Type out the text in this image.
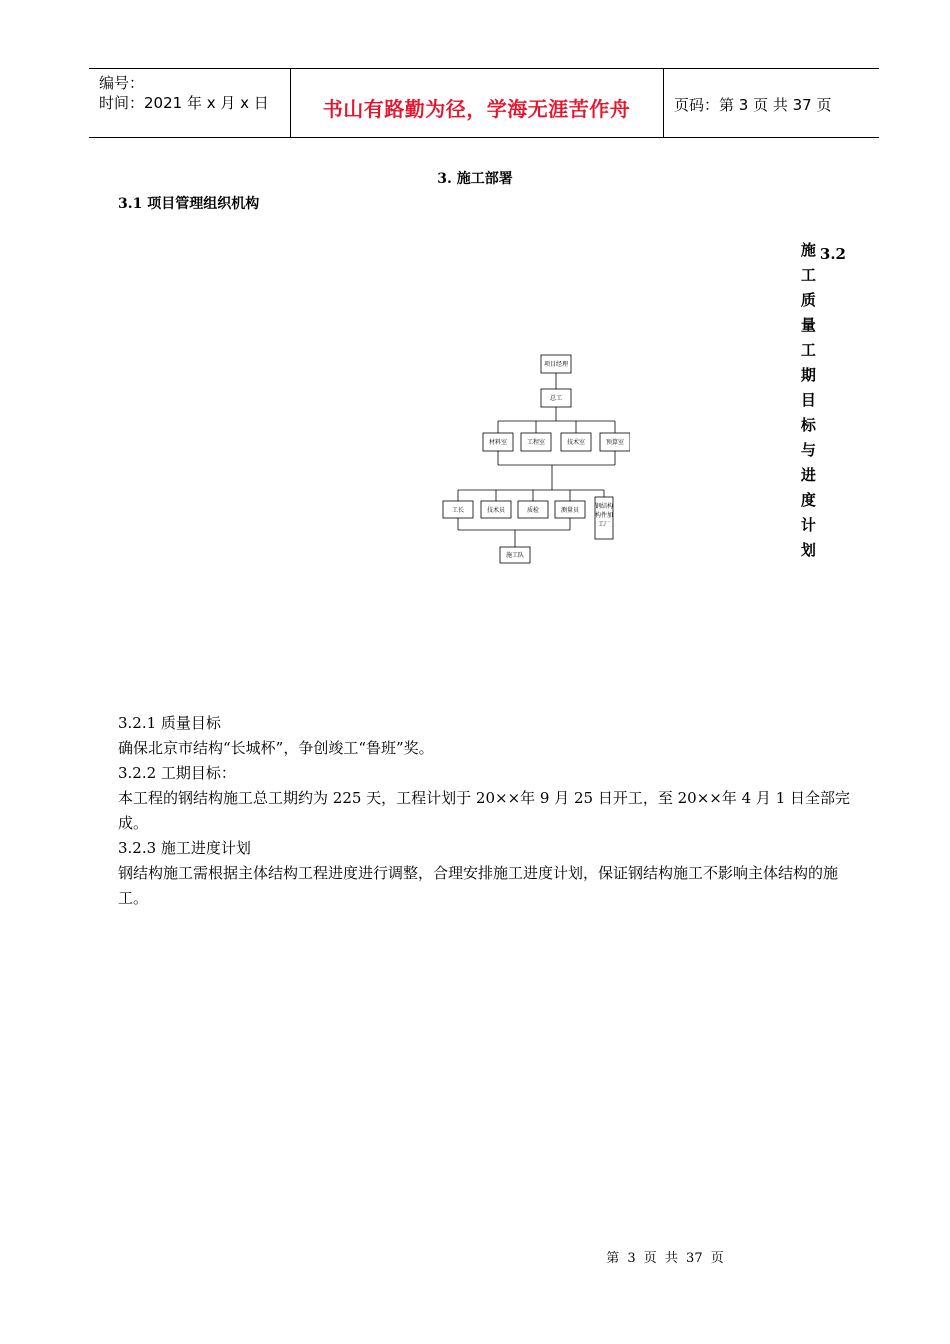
编号：
时间：2021 年 x 月 x 日	书山有路勤为径，学海无涯苦作舟	页码：第 3 页 共 37 页
3. 施工部署
3.1 项目管理组织机构
3.2
施工质量工期目标与进度计划
项目经理
总工
材料室	工程室	技术室	预算室
工长	技术员	质检	测量员
钢结构
构件加
工厂
施工队

3.2.1 质量目标

确保北京市结构“长城杯”，争创竣工“鲁班”奖。

3.2.2 工期目标：

本工程的钢结构施工总工期约为 225 天，工程计划于 20××年 9 月 25 日开工，至 20××年 4 月 1 日全部完成。

3.2.3 施工进度计划

钢结构施工需根据主体结构工程进度进行调整，合理安排施工进度计划，保证钢结构施工不影响主体结构的施工。

第 3 页 共 37 页
